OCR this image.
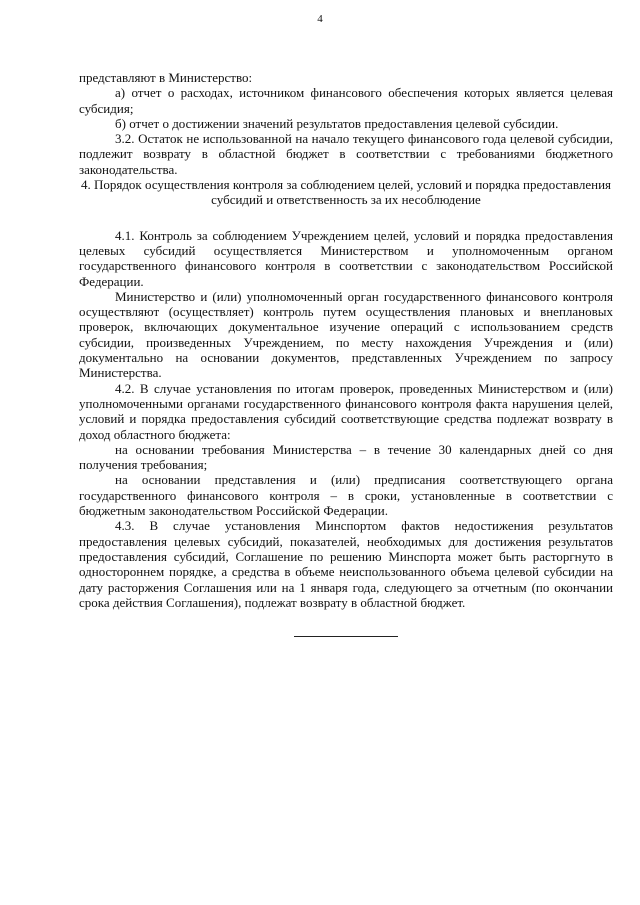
4

представляют в Министерство:

а) отчет о расходах, источником финансового обеспечения которых является целевая субсидия;

б) отчет о достижении значений результатов предоставления целевой субсидии.

3.2. Остаток не использованной на начало текущего финансового года целевой субсидии, подлежит возврату в областной бюджет в соответствии с требованиями бюджетного законодательства.

4. Порядок осуществления контроля за соблюдением целей, условий и порядка предоставления субсидий и ответственность за их несоблюдение

4.1. Контроль за соблюдением Учреждением целей, условий и порядка предоставления целевых субсидий осуществляется Министерством и уполномоченным органом государственного финансового контроля в соответствии с законодательством Российской Федерации.

Министерство и (или) уполномоченный орган государственного финансового контроля осуществляют (осуществляет) контроль путем осуществления плановых и внеплановых проверок, включающих документальное изучение операций с использованием средств субсидии, произведенных Учреждением, по месту нахождения Учреждения и (или) документально на основании документов, представленных Учреждением по запросу Министерства.

4.2. В случае установления по итогам проверок, проведенных Министерством и (или) уполномоченными органами государственного финансового контроля факта нарушения целей, условий и порядка предоставления субсидий соответствующие средства подлежат возврату в доход областного бюджета:

на основании требования Министерства – в течение 30 календарных дней со дня получения требования;

на основании представления и (или) предписания соответствующего органа государственного финансового контроля – в сроки, установленные в соответствии с бюджетным законодательством Российской Федерации.

4.3. В случае установления Минспортом фактов недостижения результатов предоставления целевых субсидий, показателей, необходимых для достижения результатов предоставления субсидий, Соглашение по решению Минспорта может быть расторгнуто в одностороннем порядке, а средства в объеме неиспользованного объема целевой субсидии на дату расторжения Соглашения или на 1 января года, следующего за отчетным (по окончании срока действия Соглашения), подлежат возврату в областной бюджет.
